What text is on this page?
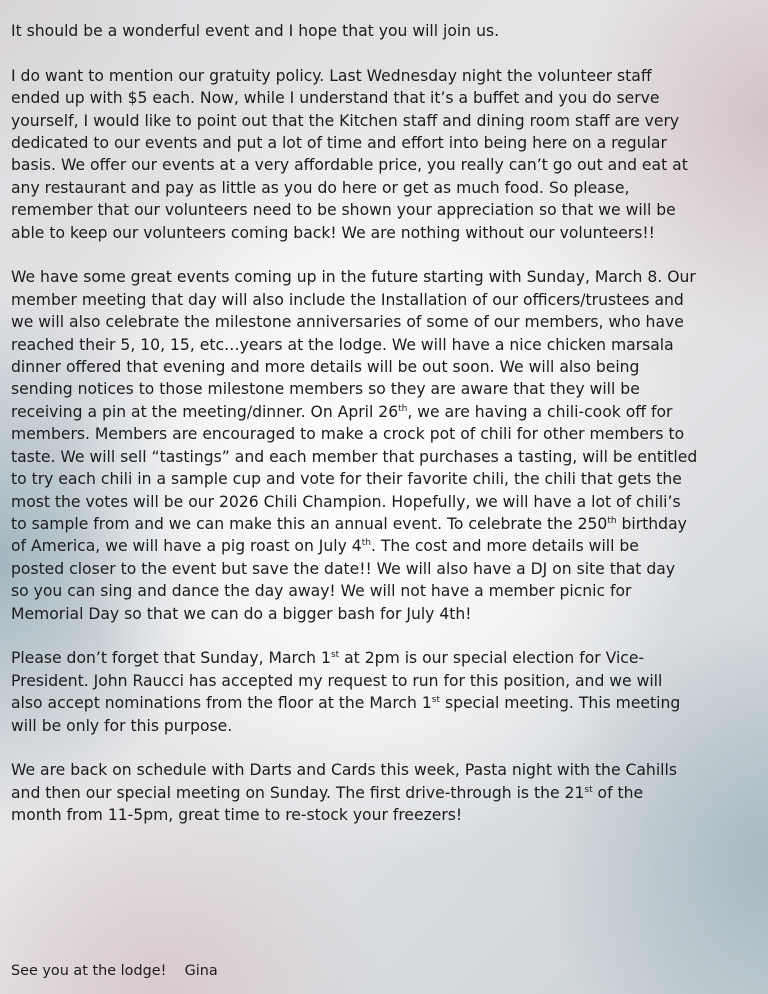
It should be a wonderful event and I hope that you will join us.

I do want to mention our gratuity policy. Last Wednesday night the volunteer staff
ended up with $5 each. Now, while I understand that it’s a buffet and you do serve
yourself, I would like to point out that the Kitchen staff and dining room staff are very
dedicated to our events and put a lot of time and effort into being here on a regular
basis. We offer our events at a very affordable price, you really can’t go out and eat at
any restaurant and pay as little as you do here or get as much food. So please,
remember that our volunteers need to be shown your appreciation so that we will be
able to keep our volunteers coming back! We are nothing without our volunteers!!

We have some great events coming up in the future starting with Sunday, March 8. Our
member meeting that day will also include the Installation of our officers/trustees and
we will also celebrate the milestone anniversaries of some of our members, who have
reached their 5, 10, 15, etc…years at the lodge. We will have a nice chicken marsala
dinner offered that evening and more details will be out soon. We will also being
sending notices to those milestone members so they are aware that they will be
receiving a pin at the meeting/dinner. On April 26th, we are having a chili-cook off for
members. Members are encouraged to make a crock pot of chili for other members to
taste. We will sell “tastings” and each member that purchases a tasting, will be entitled
to try each chili in a sample cup and vote for their favorite chili, the chili that gets the
most the votes will be our 2026 Chili Champion. Hopefully, we will have a lot of chili’s
to sample from and we can make this an annual event. To celebrate the 250th birthday
of America, we will have a pig roast on July 4th. The cost and more details will be
posted closer to the event but save the date!! We will also have a DJ on site that day
so you can sing and dance the day away! We will not have a member picnic for
Memorial Day so that we can do a bigger bash for July 4th!

Please don’t forget that Sunday, March 1st at 2pm is our special election for Vice-
President. John Raucci has accepted my request to run for this position, and we will
also accept nominations from the floor at the March 1st special meeting. This meeting
will be only for this purpose.

We are back on schedule with Darts and Cards this week, Pasta night with the Cahills
and then our special meeting on Sunday. The first drive-through is the 21st of the
month from 11-5pm, great time to re-stock your freezers!

See you at the lodge!    Gina
